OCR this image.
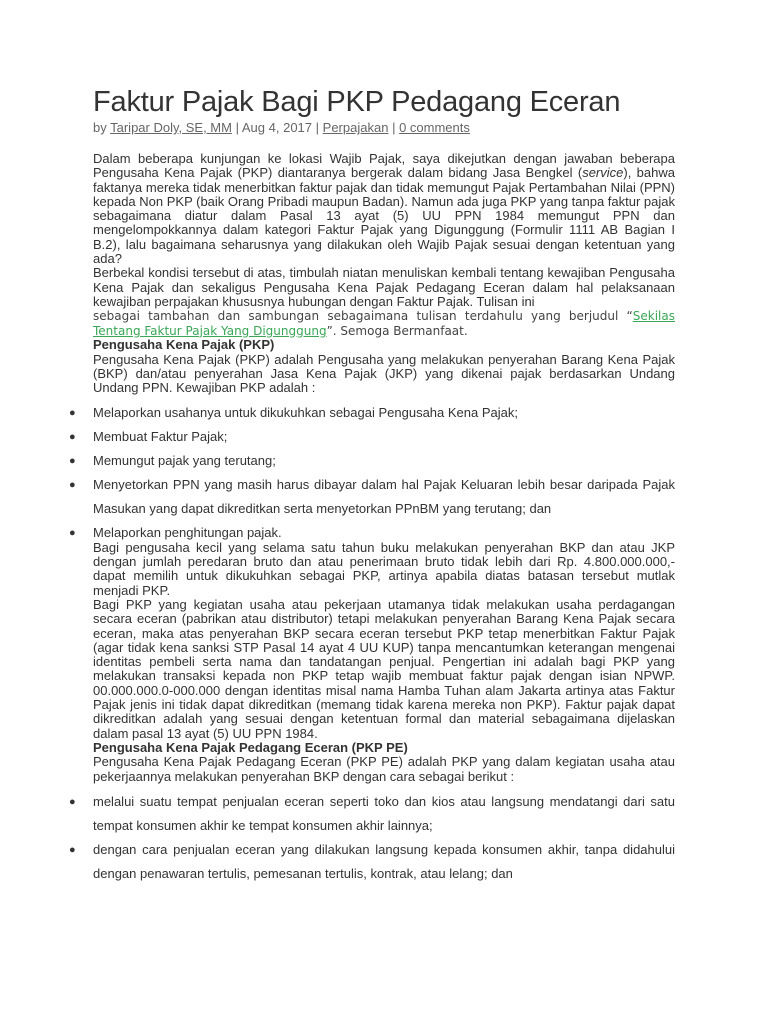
Faktur Pajak Bagi PKP Pedagang Eceran
by Taripar Doly, SE, MM | Aug 4, 2017 | Perpajakan | 0 comments

Dalam beberapa kunjungan ke lokasi Wajib Pajak, saya dikejutkan dengan jawaban beberapa Pengusaha Kena Pajak (PKP) diantaranya bergerak dalam bidang Jasa Bengkel (service), bahwa faktanya mereka tidak menerbitkan faktur pajak dan tidak memungut Pajak Pertambahan Nilai (PPN) kepada Non PKP (baik Orang Pribadi maupun Badan). Namun ada juga PKP yang tanpa faktur pajak sebagaimana diatur dalam Pasal 13 ayat (5) UU PPN 1984 memungut PPN dan mengelompokkannya dalam kategori Faktur Pajak yang Digunggung (Formulir 1111 AB Bagian I B.2), lalu bagaimana seharusnya yang dilakukan oleh Wajib Pajak sesuai dengan ketentuan yang ada?

Berbekal kondisi tersebut di atas, timbulah niatan menuliskan kembali tentang kewajiban Pengusaha Kena Pajak dan sekaligus Pengusaha Kena Pajak Pedagang Eceran dalam hal pelaksanaan kewajiban perpajakan khususnya hubungan dengan Faktur Pajak. Tulisan ini

sebagai tambahan dan sambungan sebagaimana tulisan terdahulu yang berjudul “Sekilas Tentang Faktur Pajak Yang Digunggung”. Semoga Bermanfaat.

Pengusaha Kena Pajak (PKP)

Pengusaha Kena Pajak (PKP) adalah Pengusaha yang melakukan penyerahan Barang Kena Pajak (BKP) dan/atau penyerahan Jasa Kena Pajak (JKP) yang dikenai pajak berdasarkan Undang Undang PPN. Kewajiban PKP adalah :

● Melaporkan usahanya untuk dikukuhkan sebagai Pengusaha Kena Pajak;
● Membuat Faktur Pajak;
● Memungut pajak yang terutang;
● Menyetorkan PPN yang masih harus dibayar dalam hal Pajak Keluaran lebih besar daripada Pajak Masukan yang dapat dikreditkan serta menyetorkan PPnBM yang terutang; dan
● Melaporkan penghitungan pajak.

Bagi pengusaha kecil yang selama satu tahun buku melakukan penyerahan BKP dan atau JKP dengan jumlah peredaran bruto dan atau penerimaan bruto tidak lebih dari Rp. 4.800.000.000,- dapat memilih untuk dikukuhkan sebagai PKP, artinya apabila diatas batasan tersebut mutlak menjadi PKP.

Bagi PKP yang kegiatan usaha atau pekerjaan utamanya tidak melakukan usaha perdagangan secara eceran (pabrikan atau distributor) tetapi melakukan penyerahan Barang Kena Pajak secara eceran, maka atas penyerahan BKP secara eceran tersebut PKP tetap menerbitkan Faktur Pajak (agar tidak kena sanksi STP Pasal 14 ayat 4 UU KUP) tanpa mencantumkan keterangan mengenai identitas pembeli serta nama dan tandatangan penjual. Pengertian ini adalah bagi PKP yang melakukan transaksi kepada non PKP tetap wajib membuat faktur pajak dengan isian NPWP. 00.000.000.0-000.000 dengan identitas misal nama Hamba Tuhan alam Jakarta artinya atas Faktur Pajak jenis ini tidak dapat dikreditkan (memang tidak karena mereka non PKP). Faktur pajak dapat dikreditkan adalah yang sesuai dengan ketentuan formal dan material sebagaimana dijelaskan dalam pasal 13 ayat (5) UU PPN 1984.

Pengusaha Kena Pajak Pedagang Eceran (PKP PE)

Pengusaha Kena Pajak Pedagang Eceran (PKP PE) adalah PKP yang dalam kegiatan usaha atau pekerjaannya melakukan penyerahan BKP dengan cara sebagai berikut :

● melalui suatu tempat penjualan eceran seperti toko dan kios atau langsung mendatangi dari satu tempat konsumen akhir ke tempat konsumen akhir lainnya;
● dengan cara penjualan eceran yang dilakukan langsung kepada konsumen akhir, tanpa didahului dengan penawaran tertulis, pemesanan tertulis, kontrak, atau lelang; dan
